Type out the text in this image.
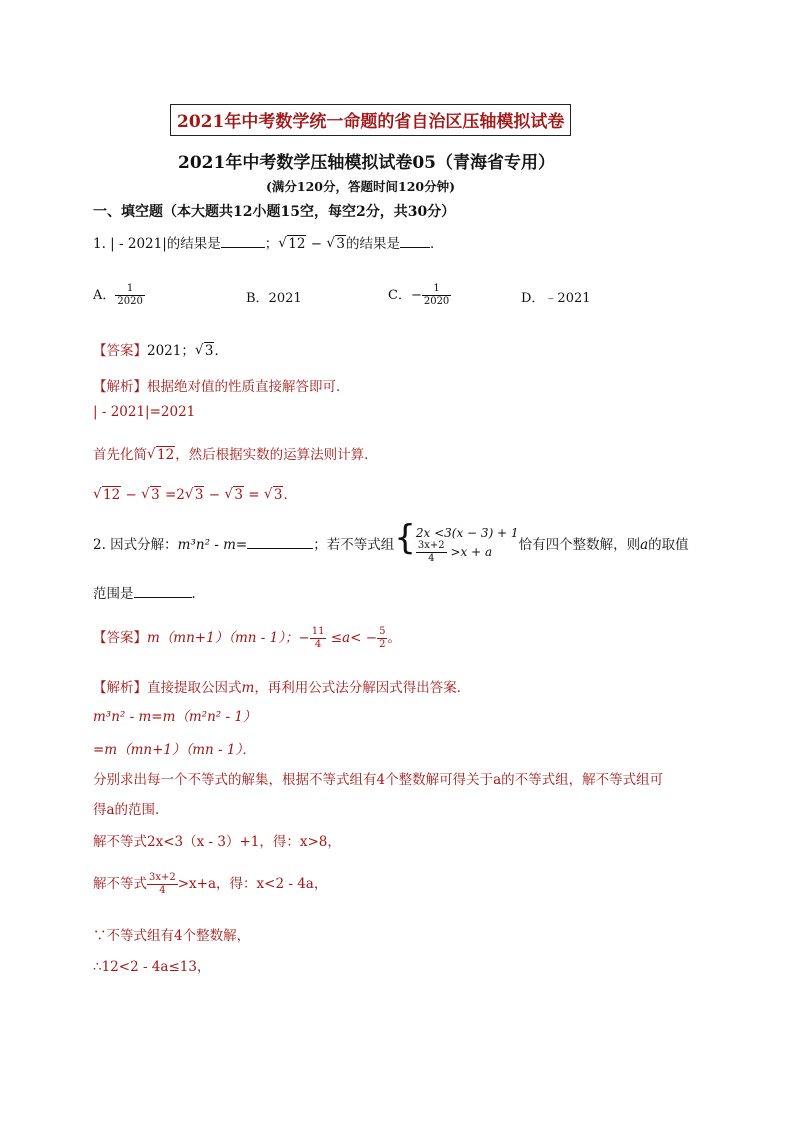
2021年中考数学统一命题的省自治区压轴模拟试卷
2021年中考数学压轴模拟试卷05（青海省专用）
(满分120分，答题时间120分钟)
一、填空题（本大题共12小题15空，每空2分，共30分）
1. | - 2021|的结果是	； √ 12 − √ 3的结果是 ．
A． $\frac{1}{2020}$	B．2021	C．− $\frac{1}{2020}$	D．﹣2021
【答案】2021； √ 3．
【解析】根据绝对值的性质直接解答即可．
| - 2021|=2021
首先化简 √ 12，然后根据实数的运算法则计算．
√ 12 − √ 3 =2 √ 3 − √ 3 = √ 3．
2. 因式分解：m³n² - m=	；若不等式组{ 2x <3(x − 3) + 1
$\frac{3x+2}{4} >x + a$	恰有四个整数解，则a的取值
范围是	．
【答案】m（mn+1）（mn - 1）；− $\frac{11}{4} \le a< - \frac{5}{2}$ 。
【解析】直接提取公因式m，再利用公式法分解因式得出答案．
m³n² - m=m（m²n² - 1）
=m（mn+1）（mn - 1）．
分别求出每一个不等式的解集，根据不等式组有4个整数解可得关于a的不等式组，解不等式组可
得a的范围．
解不等式2x<3（x - 3）+1，得：x>8，
解不等式 $\frac{3x+2}{4} >x+a$，得：x<2 - 4a，
∵不等式组有4个整数解，
∴12<2 - 4a≤13，
